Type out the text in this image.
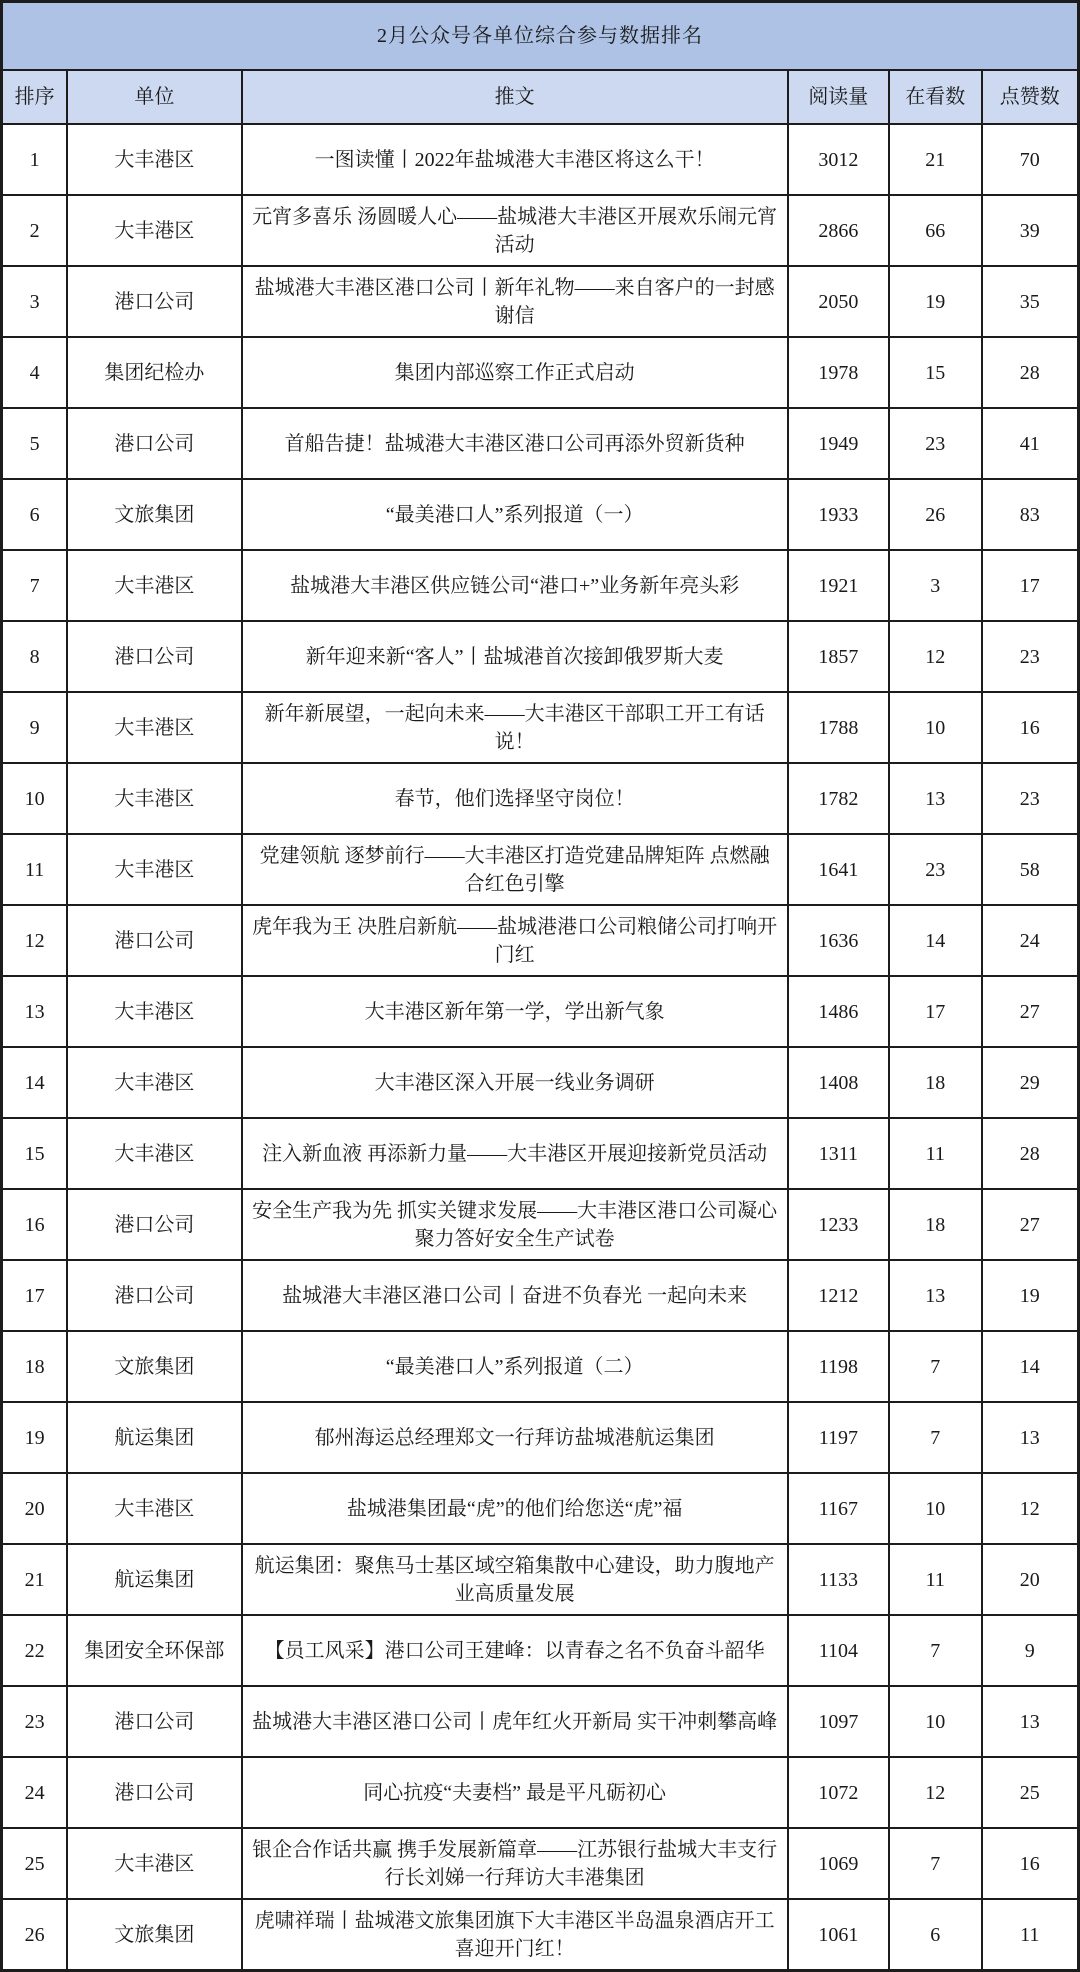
2月公众号各单位综合参与数据排名					
排序	单位	推文	阅读量	在看数	点赞数
1	大丰港区	一图读懂丨2022年盐城港大丰港区将这么干！	3012	21	70
2	大丰港区	元宵多喜乐 汤圆暖人心——盐城港大丰港区开展欢乐闹元宵活动	2866	66	39
3	港口公司	盐城港大丰港区港口公司丨新年礼物——来自客户的一封感谢信	2050	19	35
4	集团纪检办	集团内部巡察工作正式启动	1978	15	28
5	港口公司	首船告捷！盐城港大丰港区港口公司再添外贸新货种	1949	23	41
6	文旅集团	“最美港口人”系列报道（一）	1933	26	83
7	大丰港区	盐城港大丰港区供应链公司“港口+”业务新年亮头彩	1921	3	17
8	港口公司	新年迎来新“客人”丨盐城港首次接卸俄罗斯大麦	1857	12	23
9	大丰港区	新年新展望，一起向未来——大丰港区干部职工开工有话说！	1788	10	16
10	大丰港区	春节，他们选择坚守岗位！	1782	13	23
11	大丰港区	党建领航 逐梦前行——大丰港区打造党建品牌矩阵 点燃融合红色引擎	1641	23	58
12	港口公司	虎年我为王 决胜启新航——盐城港港口公司粮储公司打响开门红	1636	14	24
13	大丰港区	大丰港区新年第一学，学出新气象	1486	17	27
14	大丰港区	大丰港区深入开展一线业务调研	1408	18	29
15	大丰港区	注入新血液 再添新力量——大丰港区开展迎接新党员活动	1311	11	28
16	港口公司	安全生产我为先 抓实关键求发展——大丰港区港口公司凝心聚力答好安全生产试卷	1233	18	27
17	港口公司	盐城港大丰港区港口公司丨奋进不负春光 一起向未来	1212	13	19
18	文旅集团	“最美港口人”系列报道（二）	1198	7	14
19	航运集团	郁州海运总经理郑文一行拜访盐城港航运集团	1197	7	13
20	大丰港区	盐城港集团最“虎”的他们给您送“虎”福	1167	10	12
21	航运集团	航运集团：聚焦马士基区域空箱集散中心建设，助力腹地产业高质量发展	1133	11	20
22	集团安全环保部	【员工风采】港口公司王建峰：以青春之名不负奋斗韶华	1104	7	9
23	港口公司	盐城港大丰港区港口公司丨虎年红火开新局 实干冲刺攀高峰	1097	10	13
24	港口公司	同心抗疫“夫妻档” 最是平凡砺初心	1072	12	25
25	大丰港区	银企合作话共赢 携手发展新篇章——江苏银行盐城大丰支行行长刘娣一行拜访大丰港集团	1069	7	16
26	文旅集团	虎啸祥瑞丨盐城港文旅集团旗下大丰港区半岛温泉酒店开工喜迎开门红！	1061	6	11
